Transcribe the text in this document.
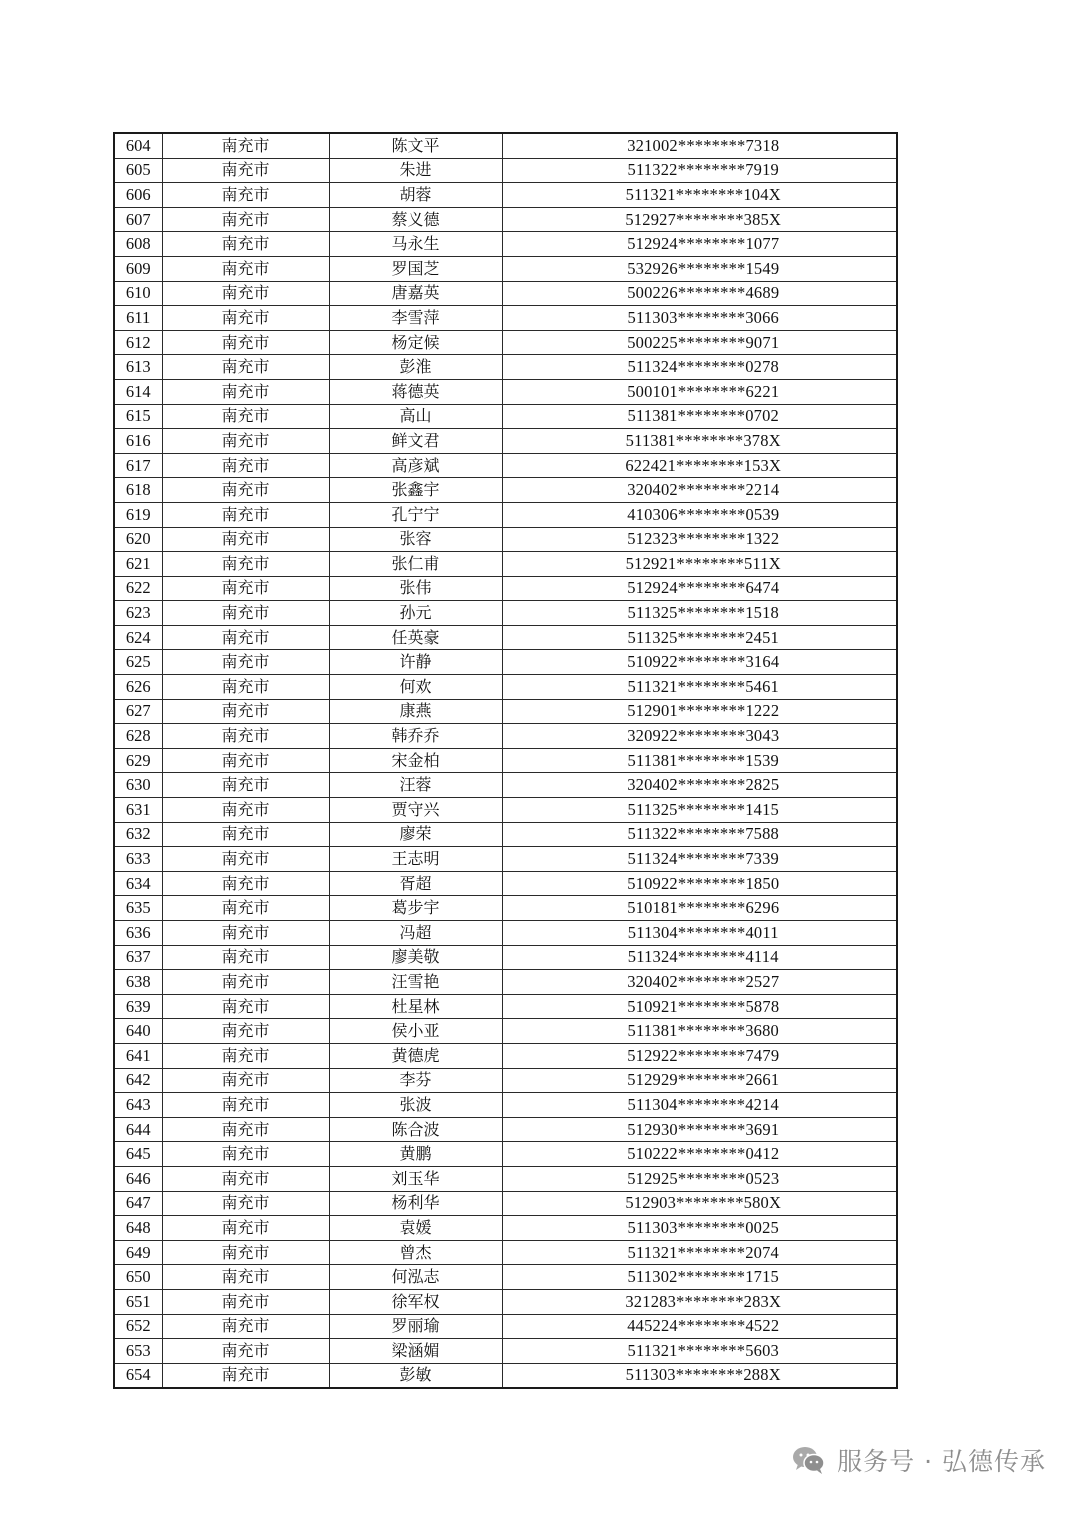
604	南充市	陈文平	321002********7318
605	南充市	朱进	511322********7919
606	南充市	胡蓉	511321********104X
607	南充市	蔡义德	512927********385X
608	南充市	马永生	512924********1077
609	南充市	罗国芝	532926********1549
610	南充市	唐嘉英	500226********4689
611	南充市	李雪萍	511303********3066
612	南充市	杨定候	500225********9071
613	南充市	彭淮	511324********0278
614	南充市	蒋德英	500101********6221
615	南充市	高山	511381********0702
616	南充市	鲜文君	511381********378X
617	南充市	高彦斌	622421********153X
618	南充市	张鑫宇	320402********2214
619	南充市	孔宁宁	410306********0539
620	南充市	张容	512323********1322
621	南充市	张仁甫	512921********511X
622	南充市	张伟	512924********6474
623	南充市	孙元	511325********1518
624	南充市	任英豪	511325********2451
625	南充市	许静	510922********3164
626	南充市	何欢	511321********5461
627	南充市	康燕	512901********1222
628	南充市	韩乔乔	320922********3043
629	南充市	宋金柏	511381********1539
630	南充市	汪蓉	320402********2825
631	南充市	贾守兴	511325********1415
632	南充市	廖荣	511322********7588
633	南充市	王志明	511324********7339
634	南充市	胥超	510922********1850
635	南充市	葛步宇	510181********6296
636	南充市	冯超	511304********4011
637	南充市	廖美敬	511324********4114
638	南充市	汪雪艳	320402********2527
639	南充市	杜星林	510921********5878
640	南充市	侯小亚	511381********3680
641	南充市	黄德虎	512922********7479
642	南充市	李芬	512929********2661
643	南充市	张波	511304********4214
644	南充市	陈合波	512930********3691
645	南充市	黄鹏	510222********0412
646	南充市	刘玉华	512925********0523
647	南充市	杨利华	512903********580X
648	南充市	袁媛	511303********0025
649	南充市	曾杰	511321********2074
650	南充市	何泓志	511302********1715
651	南充市	徐军权	321283********283X
652	南充市	罗丽瑜	445224********4522
653	南充市	梁涵媚	511321********5603
654	南充市	彭敏	511303********288X
服务号 · 弘德传承
